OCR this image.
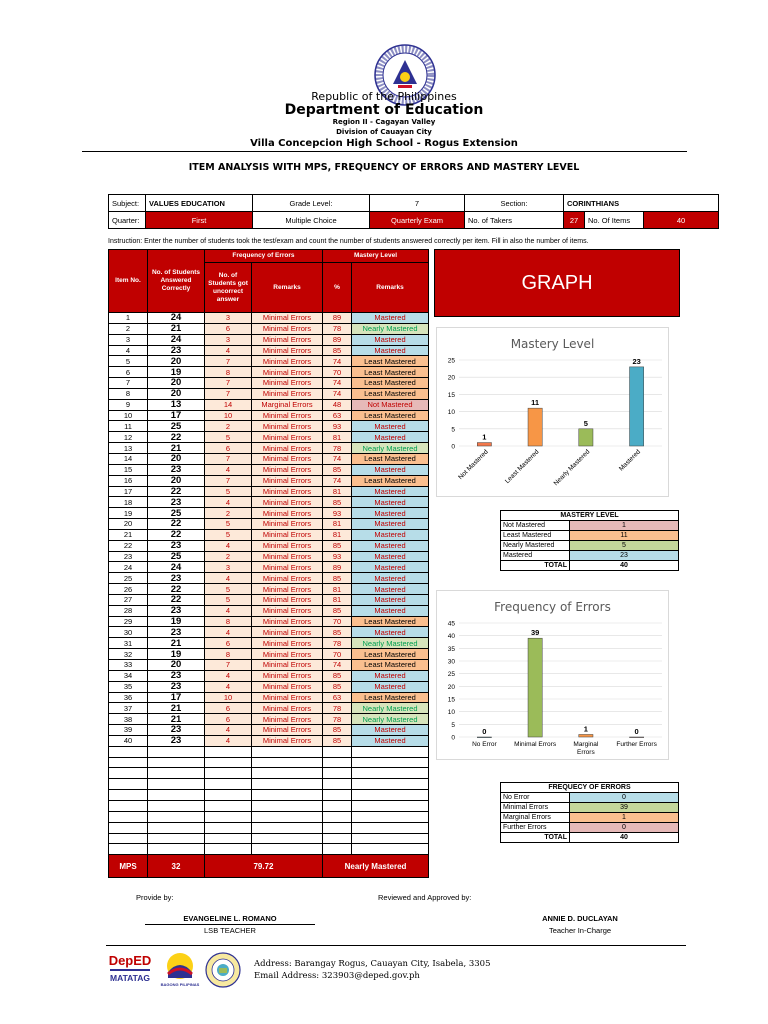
Republic of the Philippines
Department of Education
Region II - Cagayan Valley
Division of Cauayan City
Villa Concepcion High School - Rogus Extension
ITEM ANALYSIS WITH MPS, FREQUENCY OF ERRORS AND MASTERY LEVEL
Subject:	VALUES EDUCATION	Grade Level:	7	Section:	CORINTHIANS		
Quarter:	First	Multiple Choice	Quarterly Exam	No. of Takers	27	No. Of Items	40
Instruction: Enter the number of students took the test/exam and count the number of students answered correctly per item. Fill in also the number of items.
Item No.	No. of Students Answered Correctly	Frequency of Errors		Mastery Level	
		No. of Students got uncorrect answer	Remarks	%	Remarks
1	24	3	Minimal Errors	89	Mastered
2	21	6	Minimal Errors	78	Nearly Mastered
3	24	3	Minimal Errors	89	Mastered
4	23	4	Minimal Errors	85	Mastered
5	20	7	Minimal Errors	74	Least Mastered
6	19	8	Minimal Errors	70	Least Mastered
7	20	7	Minimal Errors	74	Least Mastered
8	20	7	Minimal Errors	74	Least Mastered
9	13	14	Marginal Errors	48	Not Mastered
10	17	10	Minimal Errors	63	Least Mastered
11	25	2	Minimal Errors	93	Mastered
12	22	5	Minimal Errors	81	Mastered
13	21	6	Minimal Errors	78	Nearly Mastered
14	20	7	Minimal Errors	74	Least Mastered
15	23	4	Minimal Errors	85	Mastered
16	20	7	Minimal Errors	74	Least Mastered
17	22	5	Minimal Errors	81	Mastered
18	23	4	Minimal Errors	85	Mastered
19	25	2	Minimal Errors	93	Mastered
20	22	5	Minimal Errors	81	Mastered
21	22	5	Minimal Errors	81	Mastered
22	23	4	Minimal Errors	85	Mastered
23	25	2	Minimal Errors	93	Mastered
24	24	3	Minimal Errors	89	Mastered
25	23	4	Minimal Errors	85	Mastered
26	22	5	Minimal Errors	81	Mastered
27	22	5	Minimal Errors	81	Mastered
28	23	4	Minimal Errors	85	Mastered
29	19	8	Minimal Errors	70	Least Mastered
30	23	4	Minimal Errors	85	Mastered
31	21	6	Minimal Errors	78	Nearly Mastered
32	19	8	Minimal Errors	70	Least Mastered
33	20	7	Minimal Errors	74	Least Mastered
34	23	4	Minimal Errors	85	Mastered
35	23	4	Minimal Errors	85	Mastered
36	17	10	Minimal Errors	63	Least Mastered
37	21	6	Minimal Errors	78	Nearly Mastered
38	21	6	Minimal Errors	78	Nearly Mastered
39	23	4	Minimal Errors	85	Mastered
40	23	4	Minimal Errors	85	Mastered

MPS	32	79.72		Nearly Mastered	
GRAPH
Mastery Level
0
5
10
15
20
25
1
Not Mastered
11
Least Mastered
5
Nearly Mastered
23
Mastered
Frequency of Errors
0
5
10
15
20
25
30
35
40
45
0
No Error
39
Minimal Errors
1
Marginal
Errors
0
Further Errors
MASTERY LEVEL	
Not Mastered	1
Least Mastered	11
Nearly Mastered	5
Mastered	23
TOTAL	40
FREQUECY OF ERRORS	
No Error	0
Minimal Errors	39
Marginal Errors	1
Further Errors	0
TOTAL	40
Provide by:	Reviewed and Approved by:
EVANGELINE L. ROMANO
LSB TEACHER
ANNIE D. DUCLAYAN
Teacher In-Charge
DepED
MATATAG
BAGONG PILIPINAS
Address: Barangay Rogus, Cauayan City, Isabela, 3305
Email Address: 323903@deped.gov.ph
